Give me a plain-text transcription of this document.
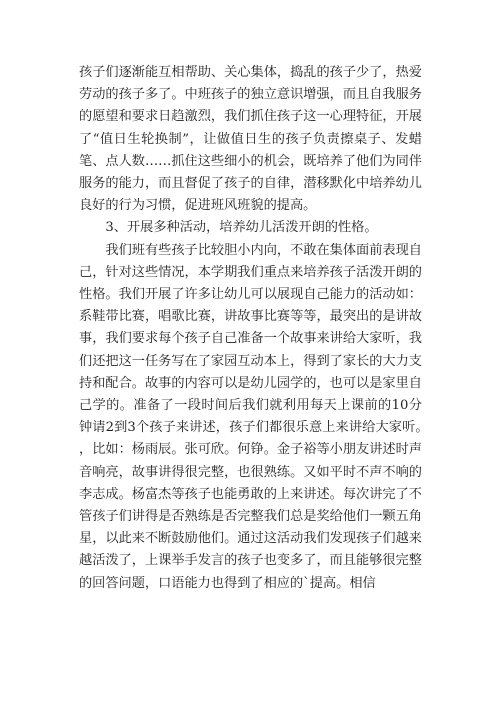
孩子们逐渐能互相帮助、关心集体，捣乱的孩子少了，热爱劳动的孩子多了。中班孩子的独立意识增强，而且自我服务的愿望和要求日趋激烈，我们抓住孩子这一心理特征，开展了“值日生轮换制”，让做值日生的孩子负责擦桌子、发蜡笔、点人数……抓住这些细小的机会，既培养了他们为同伴服务的能力，而且督促了孩子的自律，潜移默化中培养幼儿良好的行为习惯，促进班风班貌的提高。

3、开展多种活动，培养幼儿活泼开朗的性格。

我们班有些孩子比较胆小内向，不敢在集体面前表现自己，针对这些情况，本学期我们重点来培养孩子活泼开朗的性格。我们开展了许多让幼儿可以展现自己能力的活动如：系鞋带比赛，唱歌比赛，讲故事比赛等等，最突出的是讲故事，我们要求每个孩子自己准备一个故事来讲给大家听，我们还把这一任务写在了家园互动本上，得到了家长的大力支持和配合。故事的内容可以是幼儿园学的，也可以是家里自己学的。准备了一段时间后我们就利用每天上课前的10分钟请2到3个孩子来讲述，孩子们都很乐意上来讲给大家听。，比如：杨雨辰。张可欣。何铮。金子裕等小朋友讲述时声音响亮，故事讲得很完整，也很熟练。又如平时不声不响的李志成。杨富杰等孩子也能勇敢的上来讲述。每次讲完了不管孩子们讲得是否熟练是否完整我们总是奖给他们一颗五角星，以此来不断鼓励他们。通过这活动我们发现孩子们越来越活泼了，上课举手发言的孩子也变多了，而且能够很完整的回答问题，口语能力也得到了相应的`提高。相信
